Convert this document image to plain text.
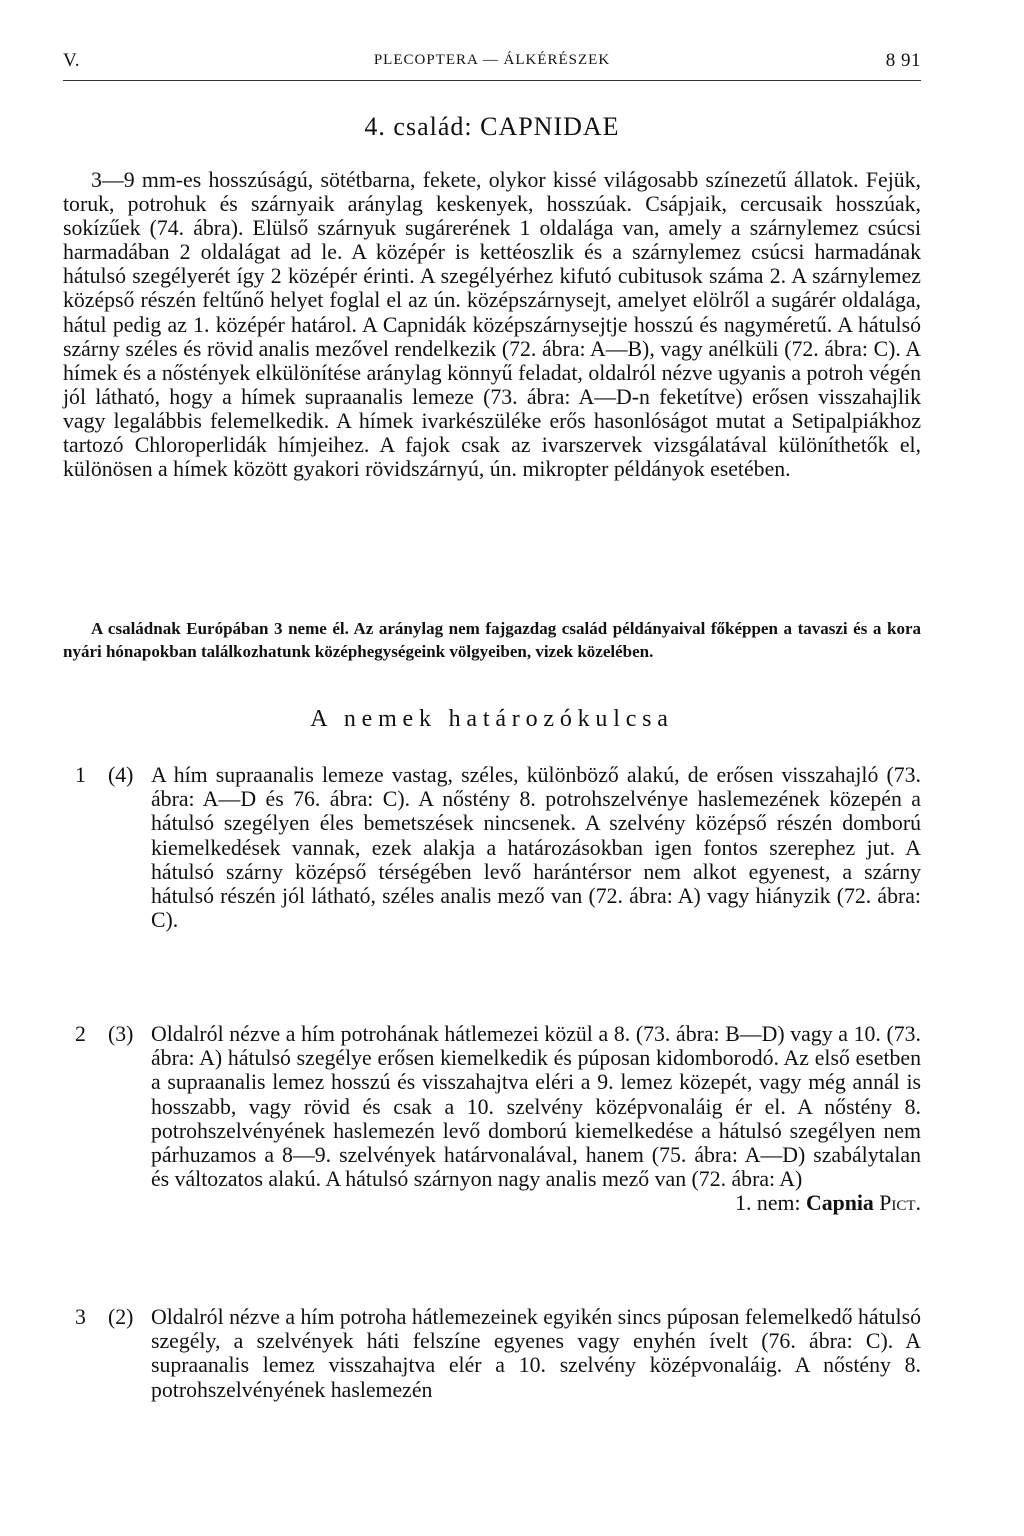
V.	PLECOPTERA — ÁLKÉRÉSZEK	8 91
4. család: CAPNIDAE

3—9 mm-es hosszúságú, sötétbarna, fekete, olykor kissé világosabb színezetű állatok. Fejük, toruk, potrohuk és szárnyaik aránylag keskenyek, hosszúak. Csápjaik, cercusaik hosszúak, sokízűek (74. ábra). Elülső szárnyuk sugárerének 1 oldalága van, amely a szárnylemez csúcsi harmadában 2 oldalágat ad le. A középér is kettéoszlik és a szárnylemez csúcsi harmadának hátulsó szegélyerét így 2 középér érinti. A szegélyérhez kifutó cubitusok száma 2. A szárnylemez középső részén feltűnő helyet foglal el az ún. középszárnysejt, amelyet elölről a sugárér oldalága, hátul pedig az 1. középér határol. A Capnidák középszárnysejtje hosszú és nagyméretű. A hátulsó szárny széles és rövid analis mezővel rendelkezik (72. ábra: A—B), vagy anélküli (72. ábra: C). A hímek és a nőstények elkülönítése aránylag könnyű feladat, oldalról nézve ugyanis a potroh végén jól látható, hogy a hímek supraanalis lemeze (73. ábra: A—D-n feketítve) erősen visszahajlik vagy legalábbis felemelkedik. A hímek ivarkészüléke erős hasonlóságot mutat a Setipalpiákhoz tartozó Chloroperlidák hímjeihez. A fajok csak az ivarszervek vizsgálatával különíthetők el, különösen a hímek között gyakori rövidszárnyú, ún. mikropter példányok esetében.

A családnak Európában 3 neme él. Az aránylag nem fajgazdag család példányaival főképpen a tavaszi és a kora nyári hónapokban találkozhatunk középhegységeink völgyeiben, vizek közelében.

A nemek határozókulcsa
1 (4) A hím supraanalis lemeze vastag, széles, különböző alakú, de erősen visszahajló (73. ábra: A—D és 76. ábra: C). A nőstény 8. potrohszelvénye haslemezének közepén a hátulsó szegélyen éles bemetszések nincsenek. A szelvény középső részén domború kiemelkedések vannak, ezek alakja a határozásokban igen fontos szerephez jut. A hátulsó szárny középső térségében levő harántérsor nem alkot egyenest, a szárny hátulsó részén jól látható, széles analis mező van (72. ábra: A) vagy hiányzik (72. ábra: C).

2 (3) Oldalról nézve a hím potrohának hátlemezei közül a 8. (73. ábra: B—D) vagy a 10. (73. ábra: A) hátulsó szegélye erősen kiemelkedik és púposan kidomborodó. Az első esetben a supraanalis lemez hosszú és visszahajtva eléri a 9. lemez közepét, vagy még annál is hosszabb, vagy rövid és csak a 10. szelvény középvonaláig ér el. A nőstény 8. potrohszelvényének haslemezén levő domború kiemelkedése a hátulsó szegélyen nem párhuzamos a 8—9. szelvények határvonalával, hanem (75. ábra: A—D) szabálytalan és változatos alakú. A hátulsó szárnyon nagy analis mező van (72. ábra: A)

1. nem: Capnia Pict.
3 (2) Oldalról nézve a hím potroha hátlemezeinek egyikén sincs púposan felemelkedő hátulsó szegély, a szelvények háti felszíne egyenes vagy enyhén ívelt (76. ábra: C). A supraanalis lemez visszahajtva elér a 10. szelvény középvonaláig. A nőstény 8. potrohszelvényének haslemezén
